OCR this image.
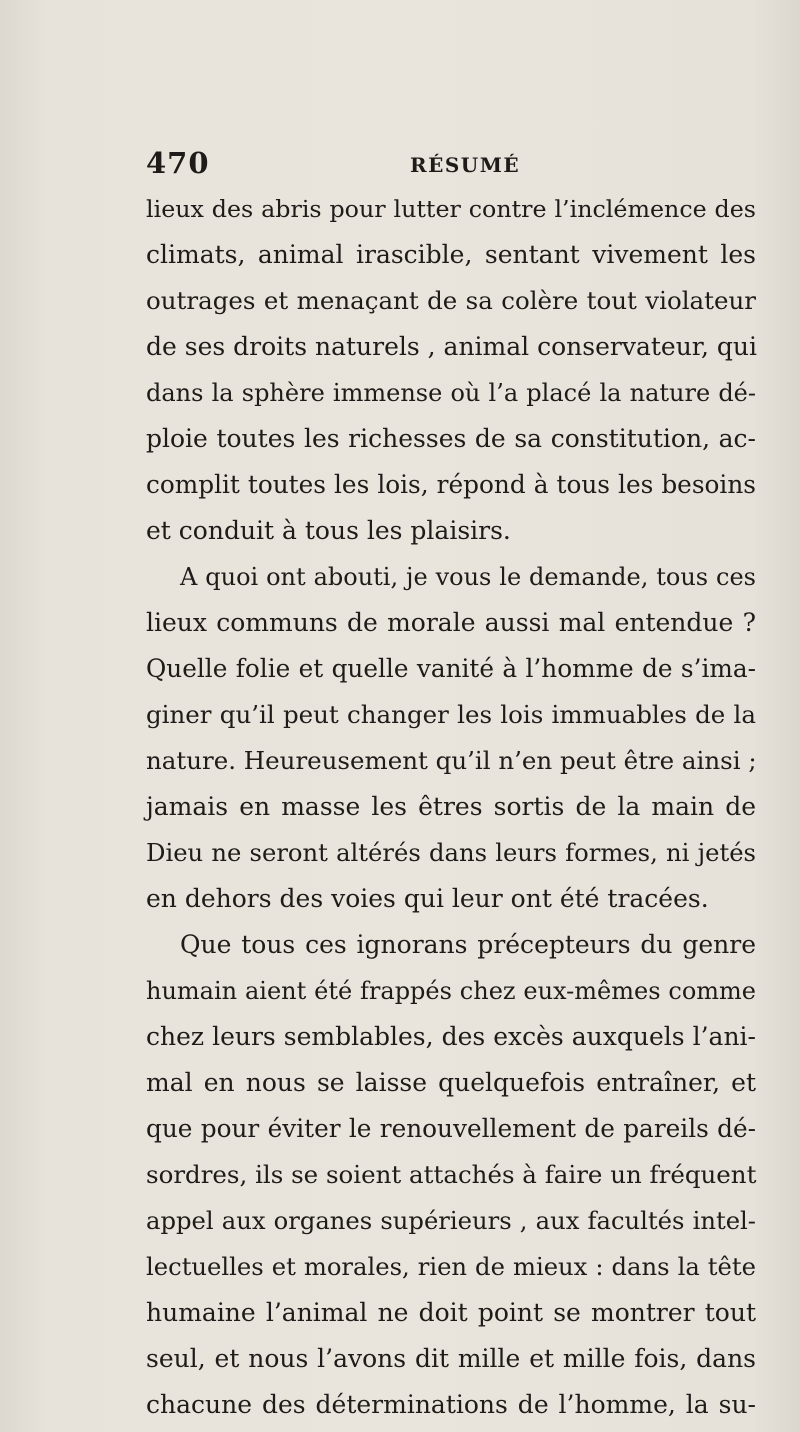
470	RÉSUMÉ
lieux des abris pour lutter contre l’inclémence des
climats, animal irascible, sentant vivement les
outrages et menaçant de sa colère tout violateur
de ses droits naturels , animal conservateur, qui
dans la sphère immense où l’a placé la nature dé-
ploie toutes les richesses de sa constitution, ac-
complit toutes les lois, répond à tous les besoins
et conduit à tous les plaisirs.
A quoi ont abouti, je vous le demande, tous ces
lieux communs de morale aussi mal entendue ?
Quelle folie et quelle vanité à l’homme de s’ima-
giner qu’il peut changer les lois immuables de la
nature. Heureusement qu’il n’en peut être ainsi ;
jamais en masse les êtres sortis de la main de
Dieu ne seront altérés dans leurs formes, ni jetés
en dehors des voies qui leur ont été tracées.
Que tous ces ignorans précepteurs du genre
humain aient été frappés chez eux-mêmes comme
chez leurs semblables, des excès auxquels l’ani-
mal en nous se laisse quelquefois entraîner, et
que pour éviter le renouvellement de pareils dé-
sordres, ils se soient attachés à faire un fréquent
appel aux organes supérieurs , aux facultés intel-
lectuelles et morales, rien de mieux : dans la tête
humaine l’animal ne doit point se montrer tout
seul, et nous l’avons dit mille et mille fois, dans
chacune des déterminations de l’homme, la su-
